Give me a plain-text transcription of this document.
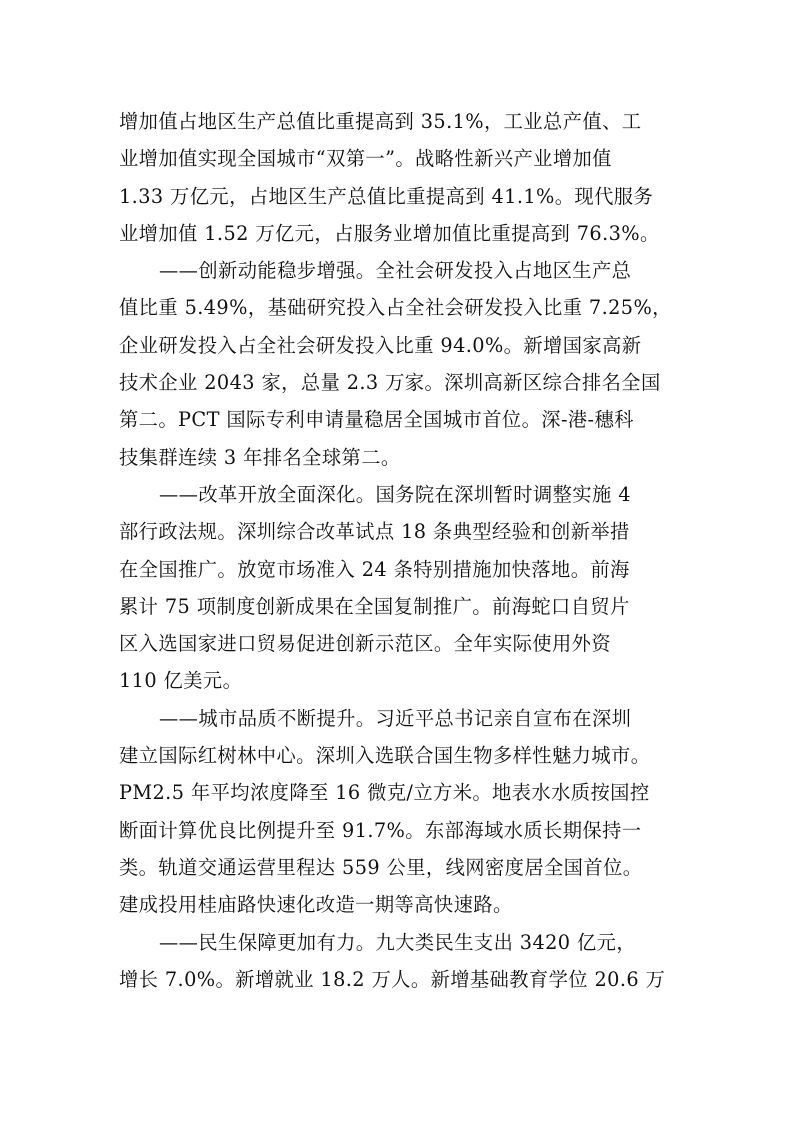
增加值占地区生产总值比重提高到 35.1%，工业总产值、工
业增加值实现全国城市“双第一”。战略性新兴产业增加值
1.33 万亿元，占地区生产总值比重提高到 41.1%。现代服务
业增加值 1.52 万亿元，占服务业增加值比重提高到 76.3%。
——创新动能稳步增强。全社会研发投入占地区生产总
值比重 5.49%，基础研究投入占全社会研发投入比重 7.25%，
企业研发投入占全社会研发投入比重 94.0%。新增国家高新
技术企业 2043 家，总量 2.3 万家。深圳高新区综合排名全国
第二。PCT 国际专利申请量稳居全国城市首位。深-港-穗科
技集群连续 3 年排名全球第二。
——改革开放全面深化。国务院在深圳暂时调整实施 4
部行政法规。深圳综合改革试点 18 条典型经验和创新举措
在全国推广。放宽市场准入 24 条特别措施加快落地。前海
累计 75 项制度创新成果在全国复制推广。前海蛇口自贸片
区入选国家进口贸易促进创新示范区。全年实际使用外资
110 亿美元。
——城市品质不断提升。习近平总书记亲自宣布在深圳
建立国际红树林中心。深圳入选联合国生物多样性魅力城市。
PM2.5 年平均浓度降至 16 微克/立方米。地表水水质按国控
断面计算优良比例提升至 91.7%。东部海域水质长期保持一
类。轨道交通运营里程达 559 公里，线网密度居全国首位。
建成投用桂庙路快速化改造一期等高快速路。
——民生保障更加有力。九大类民生支出 3420 亿元，
增长 7.0%。新增就业 18.2 万人。新增基础教育学位 20.6 万
